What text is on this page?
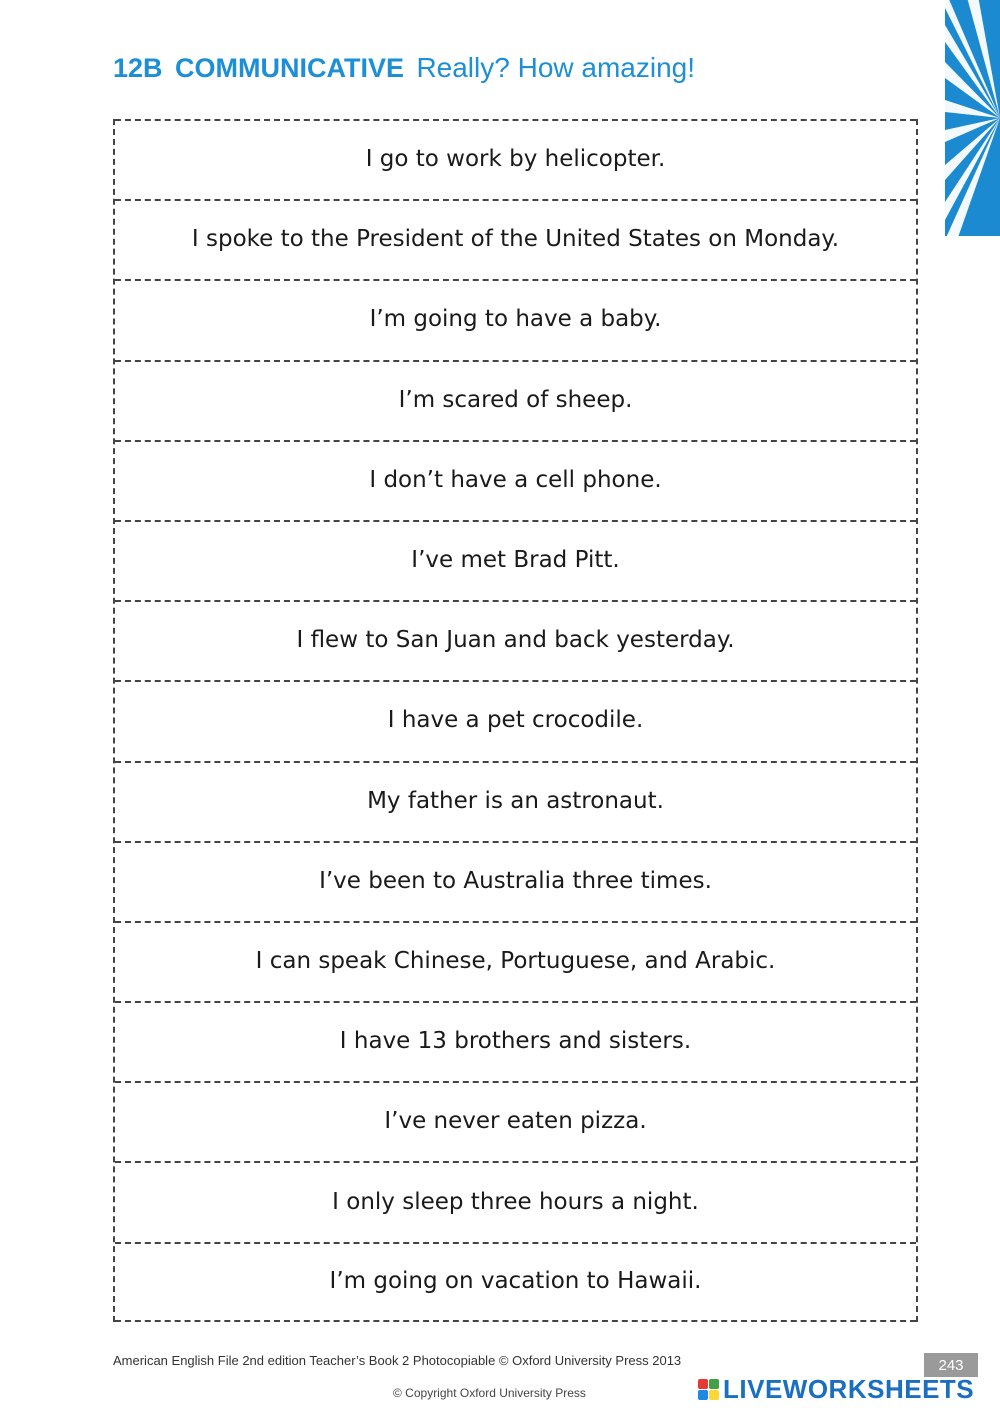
12B COMMUNICATIVE Really? How amazing!
I go to work by helicopter.
I spoke to the President of the United States on Monday.
I’m going to have a baby.
I’m scared of sheep.
I don’t have a cell phone.
I’ve met Brad Pitt.
I flew to San Juan and back yesterday.
I have a pet crocodile.
My father is an astronaut.
I’ve been to Australia three times.
I can speak Chinese, Portuguese, and Arabic.
I have 13 brothers and sisters.
I’ve never eaten pizza.
I only sleep three hours a night.
I’m going on vacation to Hawaii.
American English File 2nd edition Teacher’s Book 2 Photocopiable © Oxford University Press 2013	243
© Copyright Oxford University Press	LIVEWORKSHEETS
